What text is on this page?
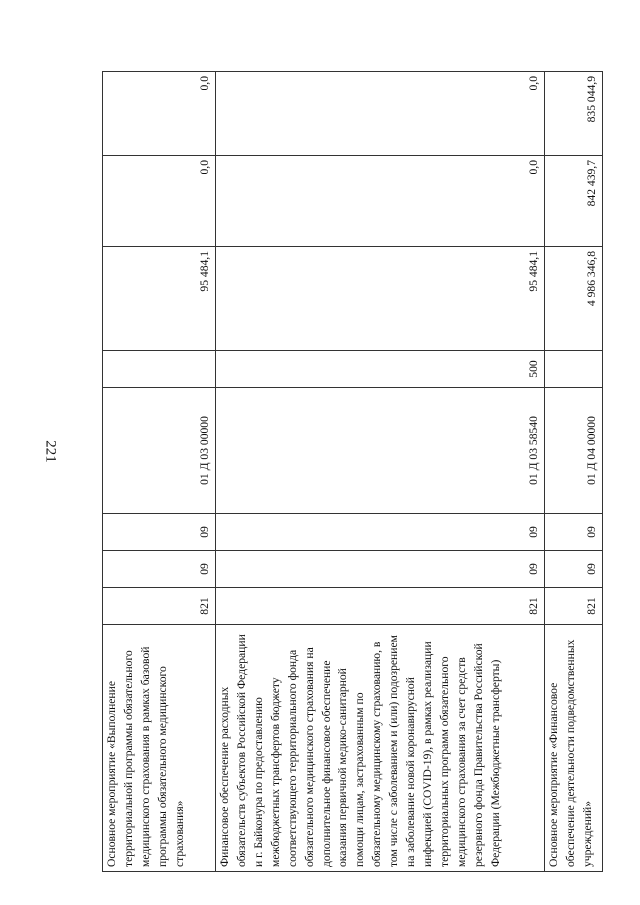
221
Основное мероприятие «Выполнение территориальной программы обязательного медицинского страхования в рамках базовой программы обязательного медицинского страхования»	821	09	09	01 Д 03 00000		95 484,1	0,0	0,0
Финансовое обеспечение расходных обязательств субъектов Российской Федерации и г. Байконура по предоставлению межбюджетных трансфертов бюджету соответствующего территориального фонда обязательного медицинского страхования на дополнительное финансовое обеспечение оказания первичной медико-санитарной помощи лицам, застрахованным по обязательному медицинскому страхованию, в том числе с заболеванием и (или) подозрением на заболевание новой коронавирусной инфекцией (COVID-19), в рамках реализации территориальных программ обязательного медицинского страхования за счет средств резервного фонда Правительства Российской Федерации (Межбюджетные трансферты)	821	09	09	01 Д 03 58540	500	95 484,1	0,0	0,0
Основное мероприятие «Финансовое обеспечение деятельности подведомственных учреждений»	821	09	09	01 Д 04 00000		4 986 346,8	842 439,7	835 044,9
